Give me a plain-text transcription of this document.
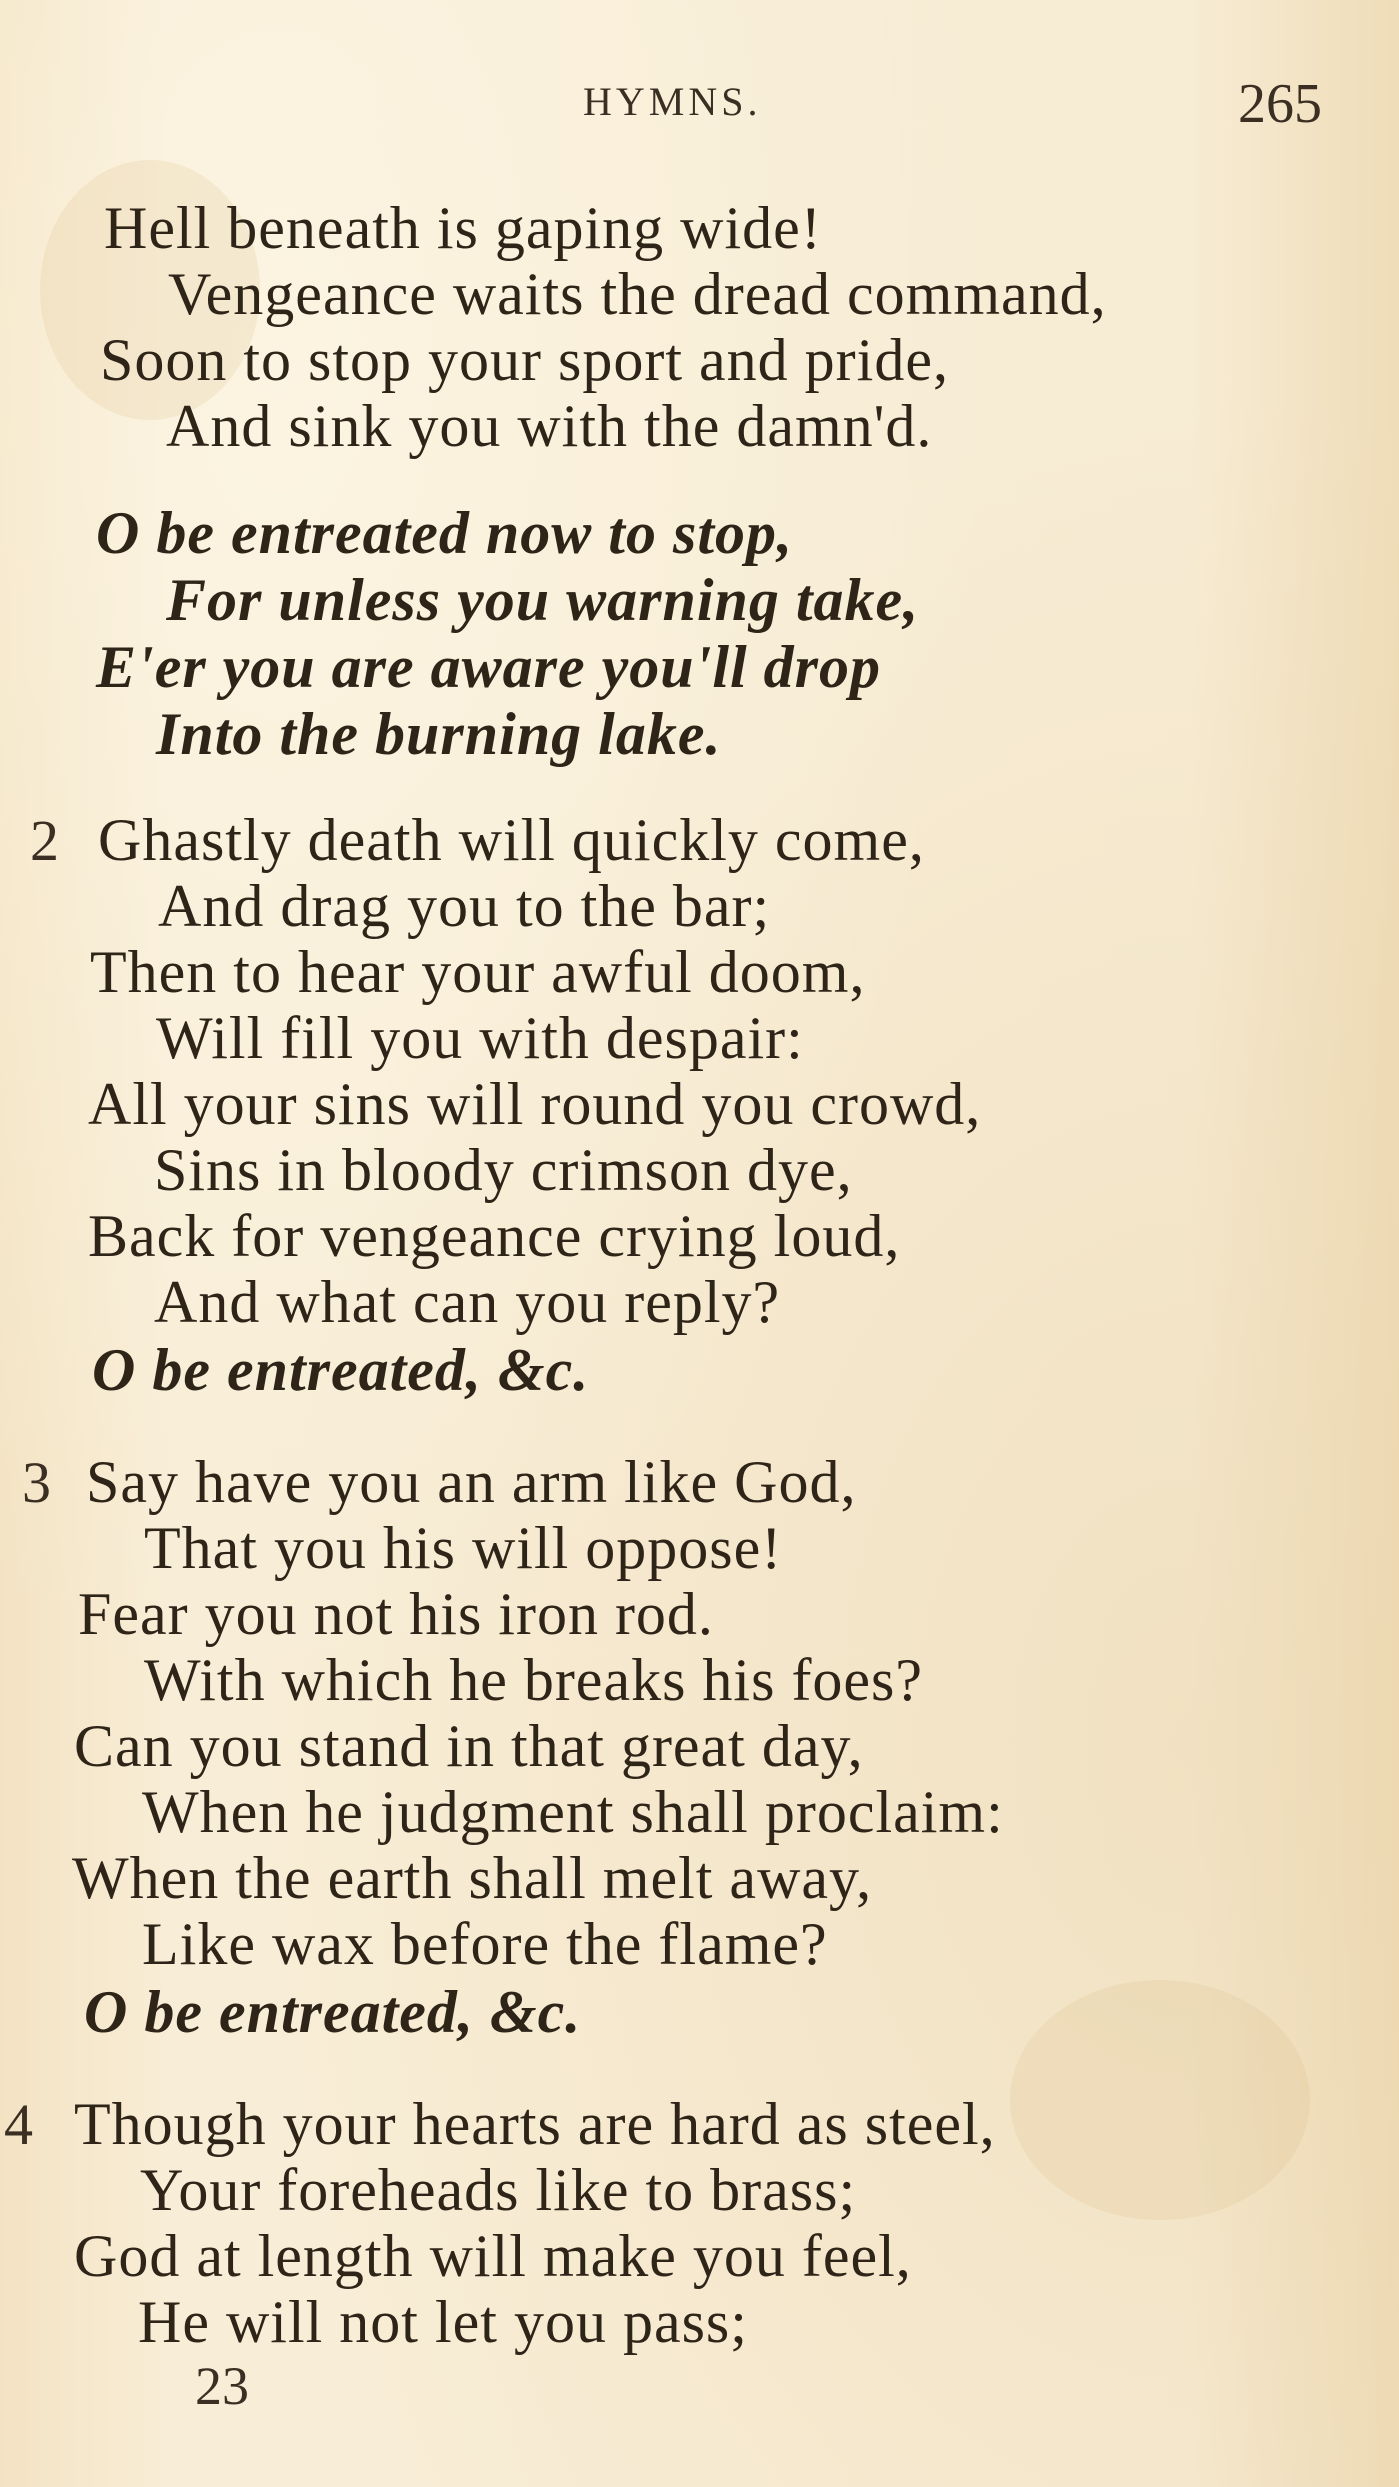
HYMNS.	265
Hell beneath is gaping wide!
Vengeance waits the dread command,
Soon to stop your sport and pride,
And sink you with the damn'd.
O be entreated now to stop,
For unless you warning take,
E'er you are aware you'll drop
Into the burning lake.
2 Ghastly death will quickly come,
And drag you to the bar;
Then to hear your awful doom,
Will fill you with despair:
All your sins will round you crowd,
Sins in bloody crimson dye,
Back for vengeance crying loud,
And what can you reply?
O be entreated, &c.
3 Say have you an arm like God,
That you his will oppose!
Fear you not his iron rod.
With which he breaks his foes?
Can you stand in that great day,
When he judgment shall proclaim:
When the earth shall melt away,
Like wax before the flame?
O be entreated, &c.
4 Though your hearts are hard as steel,
Your foreheads like to brass;
God at length will make you feel,
He will not let you pass;
23
